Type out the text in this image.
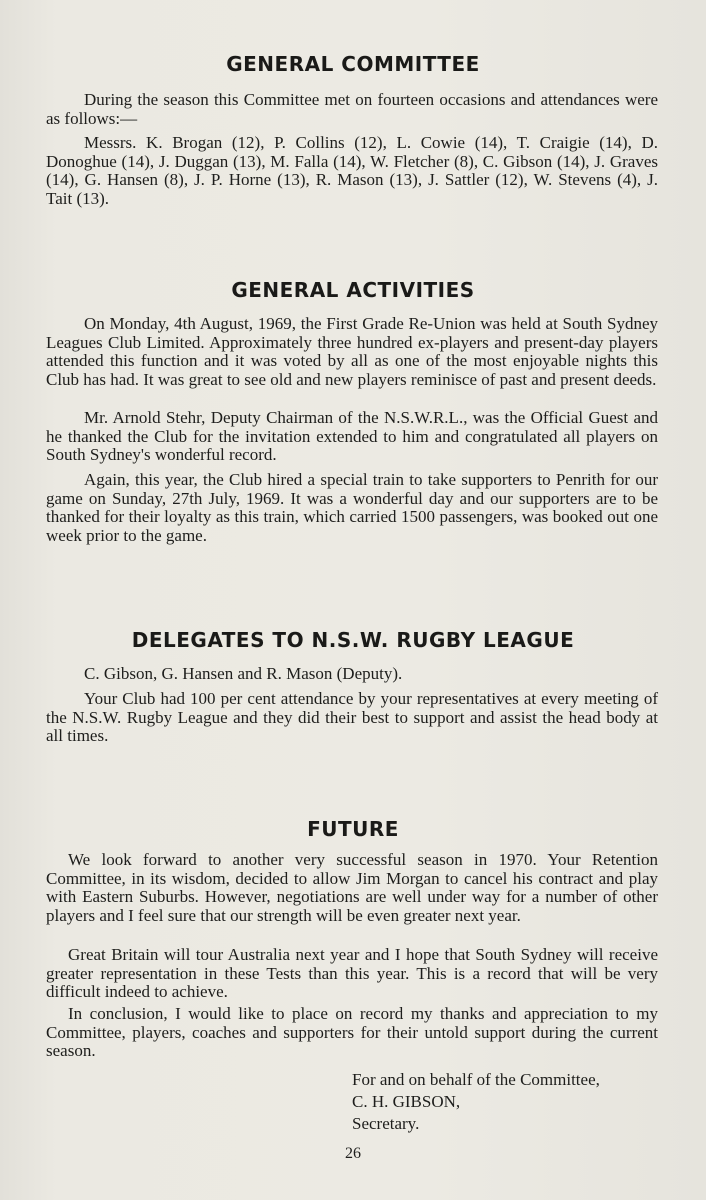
GENERAL COMMITTEE
During the season this Committee met on fourteen occasions and attendances were as follows:—
Messrs. K. Brogan (12), P. Collins (12), L. Cowie (14), T. Craigie (14), D. Donoghue (14), J. Duggan (13), M. Falla (14), W. Fletcher (8), C. Gibson (14), J. Graves (14), G. Hansen (8), J. P. Horne (13), R. Mason (13), J. Sattler (12), W. Stevens (4), J. Tait (13).
GENERAL ACTIVITIES
On Monday, 4th August, 1969, the First Grade Re-Union was held at South Sydney Leagues Club Limited. Approximately three hundred ex-players and present-day players attended this function and it was voted by all as one of the most enjoyable nights this Club has had. It was great to see old and new players reminisce of past and present deeds.
Mr. Arnold Stehr, Deputy Chairman of the N.S.W.R.L., was the Official Guest and he thanked the Club for the invitation extended to him and congratulated all players on South Sydney's wonderful record.
Again, this year, the Club hired a special train to take supporters to Penrith for our game on Sunday, 27th July, 1969. It was a wonderful day and our supporters are to be thanked for their loyalty as this train, which carried 1500 passengers, was booked out one week prior to the game.
DELEGATES TO N.S.W. RUGBY LEAGUE
C. Gibson, G. Hansen and R. Mason (Deputy).
Your Club had 100 per cent attendance by your representatives at every meeting of the N.S.W. Rugby League and they did their best to support and assist the head body at all times.
FUTURE
We look forward to another very successful season in 1970. Your Retention Committee, in its wisdom, decided to allow Jim Morgan to cancel his contract and play with Eastern Suburbs. However, negotiations are well under way for a number of other players and I feel sure that our strength will be even greater next year.
Great Britain will tour Australia next year and I hope that South Sydney will receive greater representation in these Tests than this year. This is a record that will be very difficult indeed to achieve.
In conclusion, I would like to place on record my thanks and appreciation to my Committee, players, coaches and supporters for their untold support during the current season.
For and on behalf of the Committee,
C. H. GIBSON,
Secretary.
26
